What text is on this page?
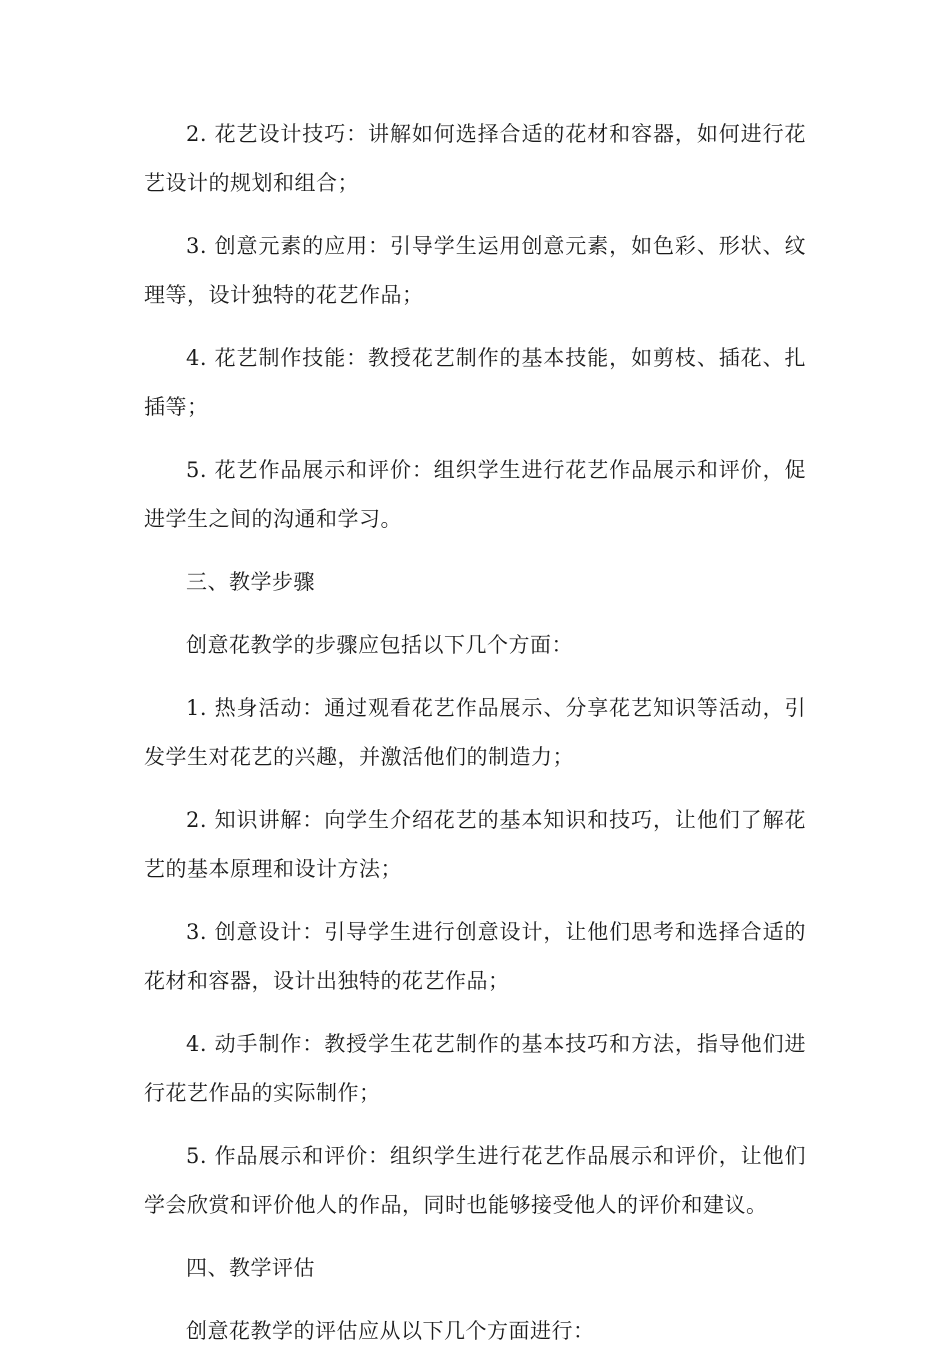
2. 花艺设计技巧：讲解如何选择合适的花材和容器，如何进行花艺设计的规划和组合；

3. 创意元素的应用：引导学生运用创意元素，如色彩、形状、纹理等，设计独特的花艺作品；

4. 花艺制作技能：教授花艺制作的基本技能，如剪枝、插花、扎插等；

5. 花艺作品展示和评价：组织学生进行花艺作品展示和评价，促进学生之间的沟通和学习。

三、教学步骤

创意花教学的步骤应包括以下几个方面：

1. 热身活动：通过观看花艺作品展示、分享花艺知识等活动，引发学生对花艺的兴趣，并激活他们的制造力；

2. 知识讲解：向学生介绍花艺的基本知识和技巧，让他们了解花艺的基本原理和设计方法；

3. 创意设计：引导学生进行创意设计，让他们思考和选择合适的花材和容器，设计出独特的花艺作品；

4. 动手制作：教授学生花艺制作的基本技巧和方法，指导他们进行花艺作品的实际制作；

5. 作品展示和评价：组织学生进行花艺作品展示和评价，让他们学会欣赏和评价他人的作品，同时也能够接受他人的评价和建议。

四、教学评估

创意花教学的评估应从以下几个方面进行：
